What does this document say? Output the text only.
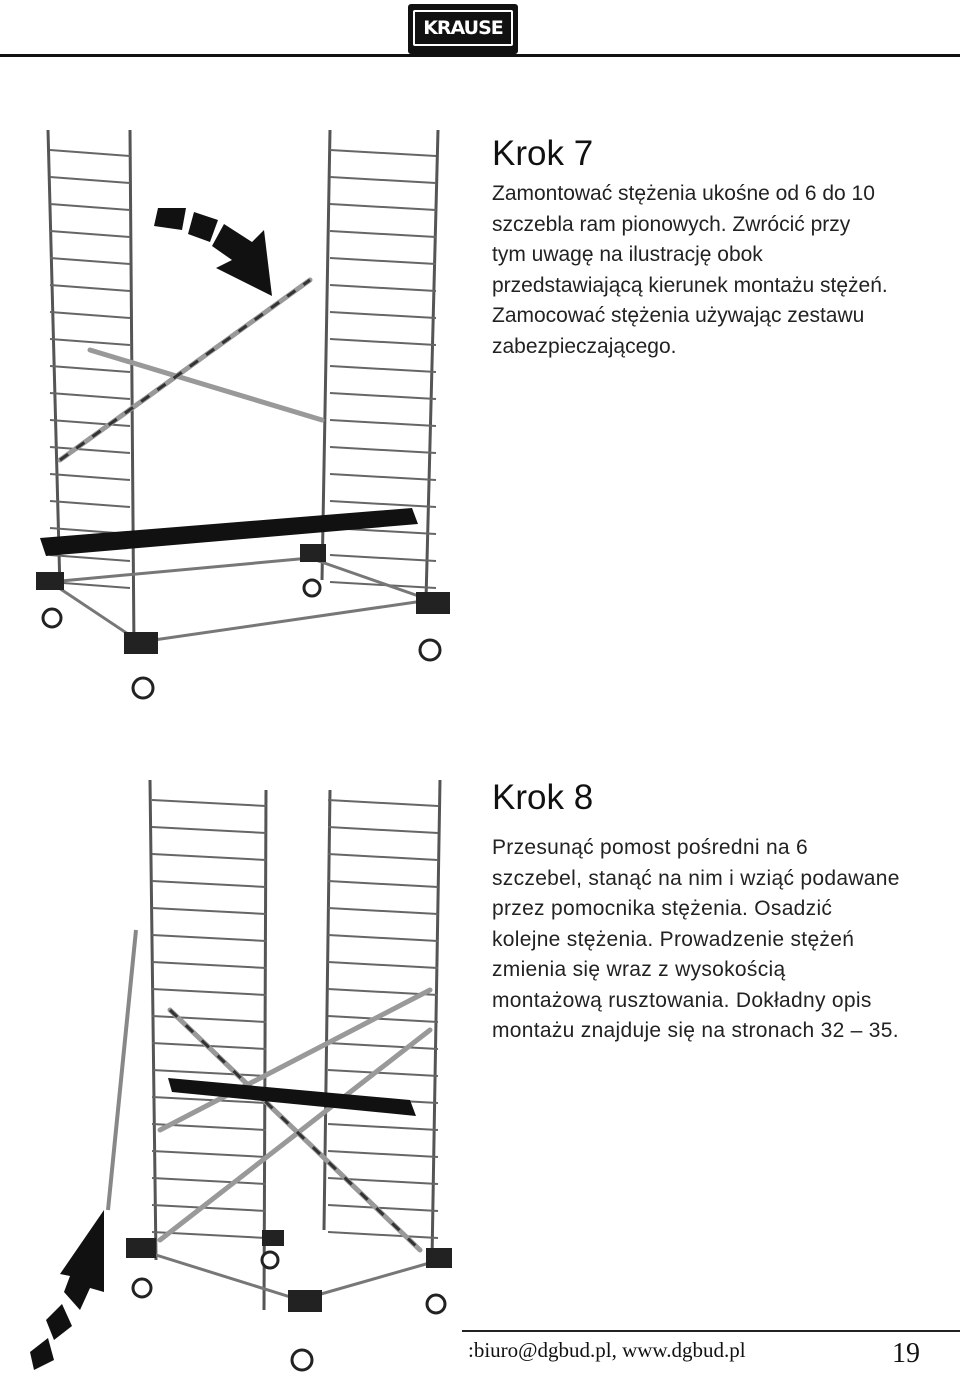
KRAUSE
Krok 7

Zamontować stężenia ukośne od 6 do 10
szczebla ram pionowych. Zwrócić przy
tym uwagę na ilustrację obok
przedstawiającą kierunek montażu stężeń.
Zamocować stężenia używając zestawu
zabezpieczającego.

Krok 8

Przesunąć pomost pośredni na 6
szczebel, stanąć na nim i wziąć podawane
przez pomocnika stężenia. Osadzić
kolejne stężenia. Prowadzenie stężeń
zmienia się wraz z wysokością
montażową rusztowania. Dokładny opis
montażu znajduje się na stronach 32 – 35.

:biuro@dgbud.pl, www.dgbud.pl	19
